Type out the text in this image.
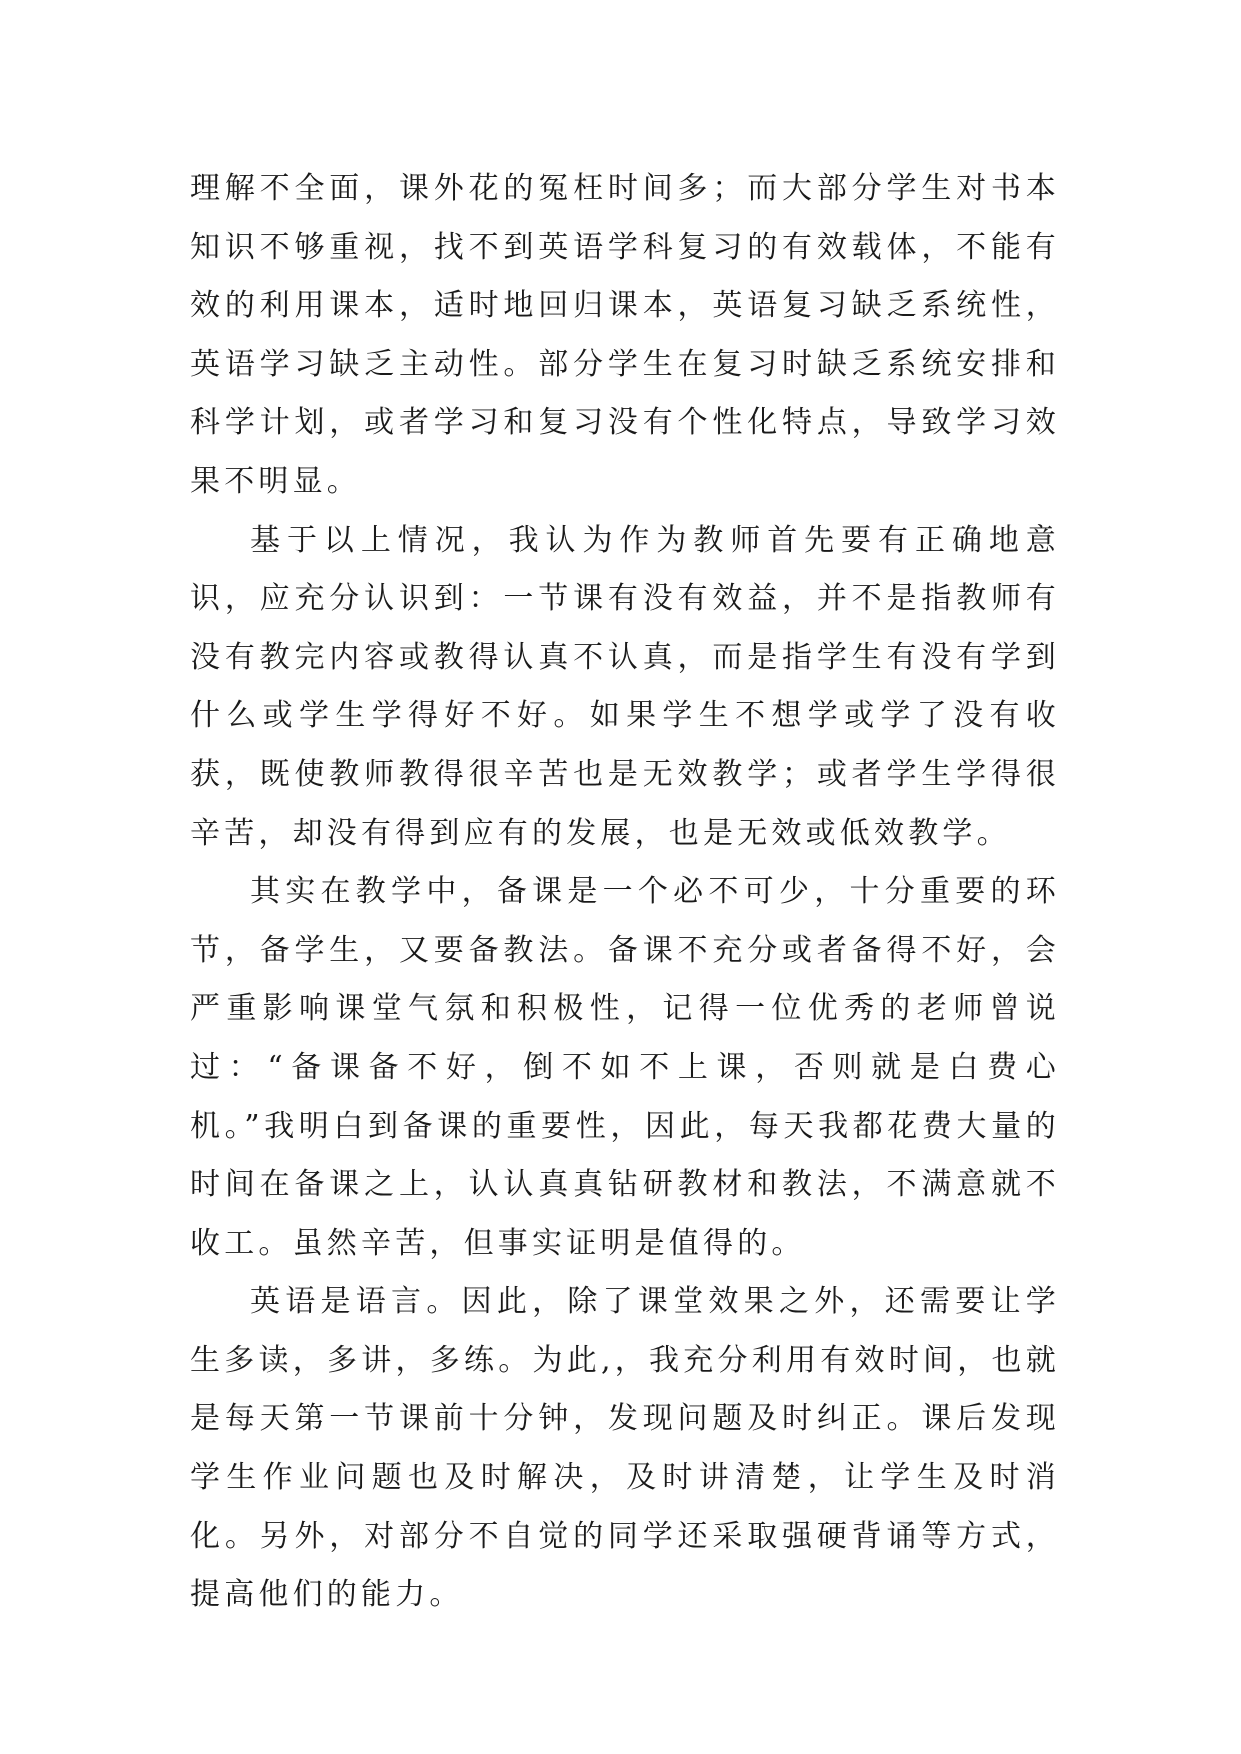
理解不全面，课外花的冤枉时间多；而大部分学生对书本知识不够重视，找不到英语学科复习的有效载体，不能有效的利用课本，适时地回归课本，英语复习缺乏系统性，英语学习缺乏主动性。部分学生在复习时缺乏系统安排和科学计划，或者学习和复习没有个性化特点，导致学习效果不明显。

基于以上情况，我认为作为教师首先要有正确地意识，应充分认识到：一节课有没有效益，并不是指教师有没有教完内容或教得认真不认真，而是指学生有没有学到什么或学生学得好不好。如果学生不想学或学了没有收获，既使教师教得很辛苦也是无效教学；或者学生学得很辛苦，却没有得到应有的发展，也是无效或低效教学。

其实在教学中，备课是一个必不可少，十分重要的环节，备学生，又要备教法。备课不充分或者备得不好，会严重影响课堂气氛和积极性，记得一位优秀的老师曾说过：“备课备不好，倒不如不上课，否则就是白费心机。”我明白到备课的重要性，因此，每天我都花费大量的时间在备课之上，认认真真钻研教材和教法，不满意就不收工。虽然辛苦，但事实证明是值得的。

英语是语言。因此，除了课堂效果之外，还需要让学生多读，多讲，多练。为此,，我充分利用有效时间，也就是每天第一节课前十分钟，发现问题及时纠正。课后发现学生作业问题也及时解决，及时讲清楚，让学生及时消化。另外，对部分不自觉的同学还采取强硬背诵等方式，提高他们的能力。
